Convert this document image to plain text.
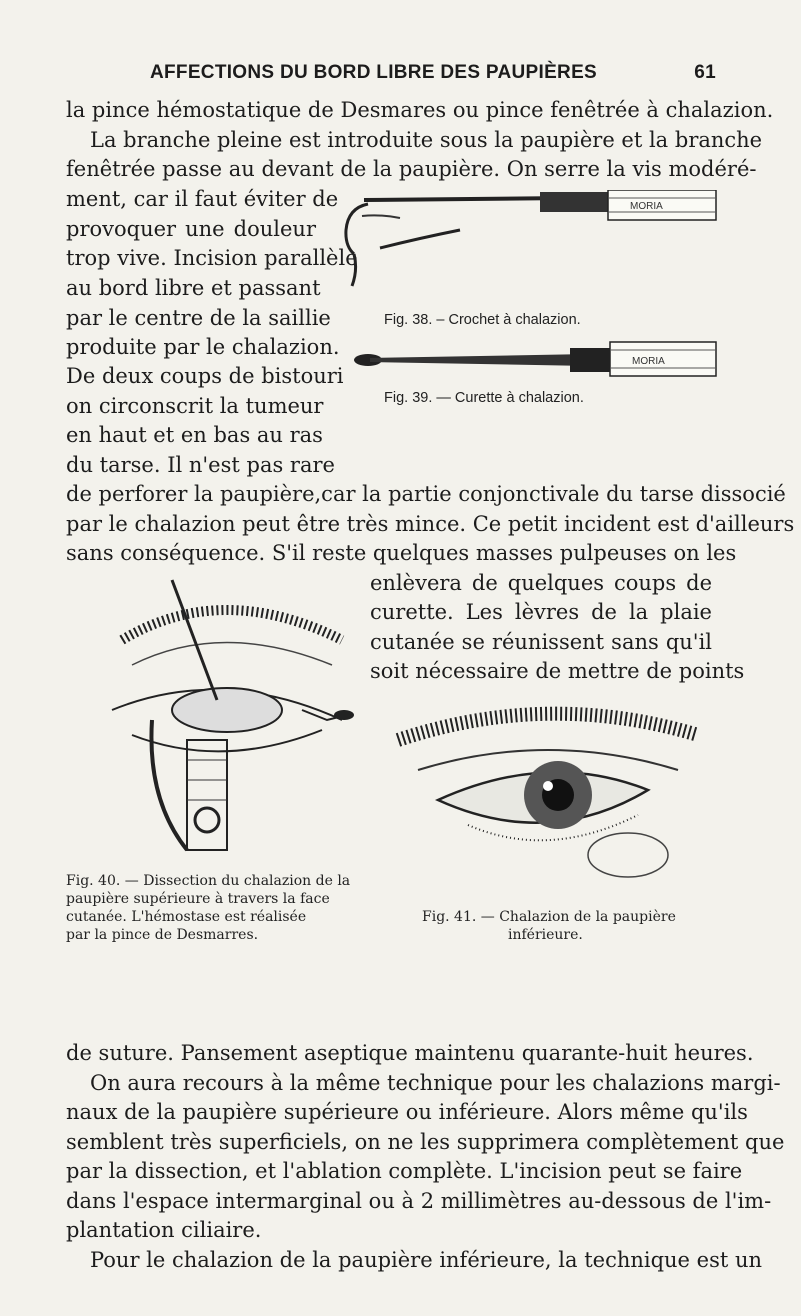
AFFECTIONS DU BORD LIBRE DES PAUPIÈRES	61
la pince hémostatique de Desmares ou pince fenêtrée à chalazion.
La branche pleine est introduite sous la paupière et la branche
fenêtrée passe au devant de la paupière. On serre la vis modéré-
ment, car il faut éviter de
provoquer une douleur
trop vive. Incision parallèle
au bord libre et passant
par le centre de la saillie
produite par le chalazion.
De deux coups de bistouri
on circonscrit la tumeur
en haut et en bas au ras
du tarse. Il n'est pas rare
de perforer la paupière,car la partie conjonctivale du tarse dissocié
par le chalazion peut être très mince. Ce petit incident est d'ailleurs
sans conséquence. S'il reste quelques masses pulpeuses on les
enlèvera de quelques coups de
curette. Les lèvres de la plaie
cutanée se réunissent sans qu'il
soit nécessaire de mettre de points
de suture. Pansement aseptique maintenu quarante-huit heures.
On aura recours à la même technique pour les chalazions margi-
naux de la paupière supérieure ou inférieure. Alors même qu'ils
semblent très superficiels, on ne les supprimera complètement que
par la dissection, et l'ablation complète. L'incision peut se faire
dans l'espace intermarginal ou à 2 millimètres au-dessous de l'im-
plantation ciliaire.
Pour le chalazion de la paupière inférieure, la technique est un
MORIA
Fig. 38. – Crochet à chalazion.
MORIA
Fig. 39. — Curette à chalazion.
Fig. 40. — Dissection du chalazion de la
paupière supérieure à travers la face
cutanée. L'hémostase est réalisée
par la pince de Desmarres.
Fig. 41. — Chalazion de la paupière
inférieure.
